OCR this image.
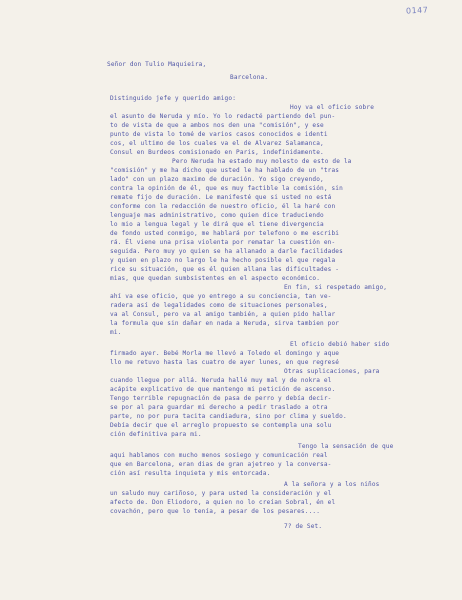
0147

Señor don Tulio Maquieira,

Barcelona.

Distinguido jefe y querido amigo:

Hoy va el oficio sobre

el asunto de Neruda y mío. Yo lo redacté partiendo del pun-

to de vista de que a ambos nos den una "comisión", y ese

punto de vista lo tomé de varios casos conocidos e identi

cos, el ultimo de los cuales va el de Alvarez Salamanca,

Consul en Burdeos comisionado en Paris, indefinidamente.

Pero Neruda ha estado muy molesto de esto de la

"comisión" y me ha dicho que usted le ha hablado de un "tras

lado" con un plazo maximo de duración. Yo sigo creyendo,

contra la opinión de él, que es muy factible la comisión, sin

remate fijo de duración. Le manifesté que si usted no está

conforme con la redacción de nuestro oficio, él la haré con

lenguaje mas administrativo, como quien dice traduciendo

lo mio a lengua legal y le dirá que el tiene divergencia

de fondo usted conmigo, me hablará por telefono o me escribi

rá. Él viene una prisa violenta por rematar la cuestión en-

seguida. Pero muy yo quien se ha allanado a darle facilidades

y quien en plazo no largo le ha hecho posible el que regala

rice su situación, que es él quien allana las dificultades -

mias, que quedan sumbsistentes en el aspecto económico.

En fin, si respetado amigo,

ahí va ese oficio, que yo entrego a su conciencia, tan ve-

radera así de legalidades como de situaciones personales,

va al Consul, pero va al amigo también, a quien pido hallar

la formula que sin dañar en nada a Neruda, sirva tambien por

mi.

El oficio debió haber sido

firmado ayer. Bebé Morla me llevó a Toledo el domingo y aque

llo me retuvo hasta las cuatro de ayer lunes, en que regresé

Otras suplicaciones, para

cuando llegue por allá. Neruda hallé muy mal y de nokra el

acápite explicativo de que mantengo mi petición de ascenso.

Tengo terrible repugnación de pasa de perro y debía decir-

se por al para guardar mi derecho a pedir traslado a otra

parte, no por pura tacita candiadura, sino por clima y sueldo.

Debía decir que el arreglo propuesto se contempla una solu

ción definitiva para mi.

Tengo la sensación de que

aqui hablamos con mucho menos sosiego y comunicación real

que en Barcelona, eran dias de gran ajetreo y la conversa-

ción así resulta inquieta y mis entorcada.

A la señora y a los niños

un saludo muy cariñoso, y para usted la consideración y el

afecto de. Don Eliodoro, a quien no lo creían Sobral, én el

covachón, pero que lo tenía, a pesar de los pesares....

7? de Set.
